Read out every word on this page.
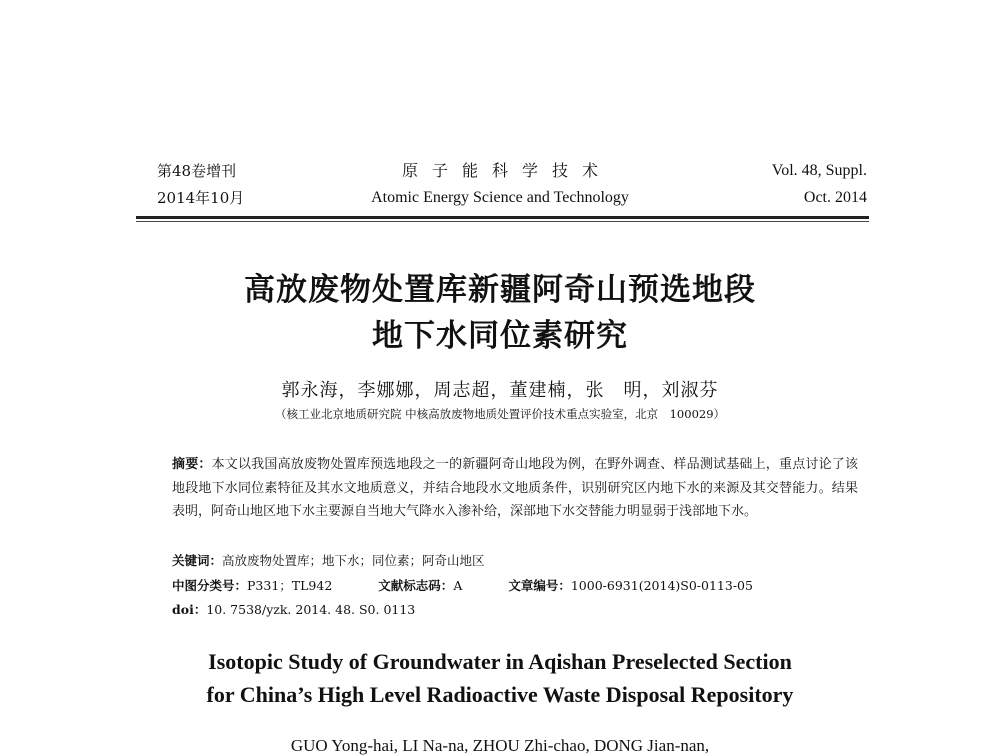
第48卷增刊
2014年10月
原子能科学技术
Atomic Energy Science and Technology
Vol. 48, Suppl.
Oct. 2014
高放废物处置库新疆阿奇山预选地段
地下水同位素研究
郭永海，李娜娜，周志超，董建楠，张　明，刘淑芬
（核工业北京地质研究院 中核高放废物地质处置评价技术重点实验室，北京　100029）

摘要：本文以我国高放废物处置库预选地段之一的新疆阿奇山地段为例，在野外调查、样品测试基础上，重点讨论了该地段地下水同位素特征及其水文地质意义，并结合地段水文地质条件，识别研究区内地下水的来源及其交替能力。结果表明，阿奇山地区地下水主要源自当地大气降水入渗补给，深部地下水交替能力明显弱于浅部地下水。

关键词：高放废物处置库；地下水；同位素；阿奇山地区
中图分类号：P331；TL942	文献标志码：A	文章编号：1000-6931(2014)S0-0113-05
doi：10. 7538/yzk. 2014. 48. S0. 0113
Isotopic Study of Groundwater in Aqishan Preselected Section
for China’s High Level Radioactive Waste Disposal Repository
GUO Yong-hai, LI Na-na, ZHOU Zhi-chao, DONG Jian-nan,
